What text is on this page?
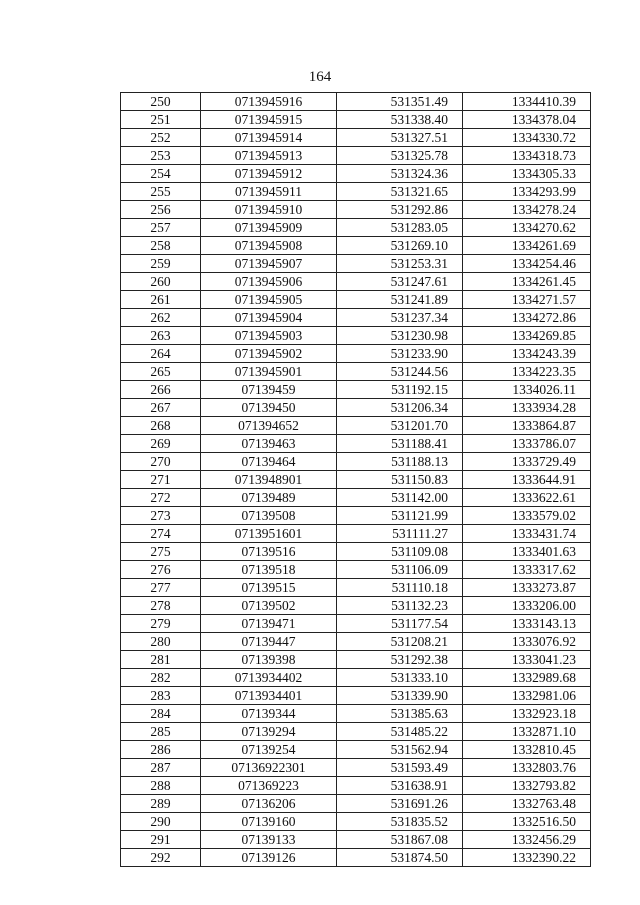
164
250	0713945916	531351.49	1334410.39
251	0713945915	531338.40	1334378.04
252	0713945914	531327.51	1334330.72
253	0713945913	531325.78	1334318.73
254	0713945912	531324.36	1334305.33
255	0713945911	531321.65	1334293.99
256	0713945910	531292.86	1334278.24
257	0713945909	531283.05	1334270.62
258	0713945908	531269.10	1334261.69
259	0713945907	531253.31	1334254.46
260	0713945906	531247.61	1334261.45
261	0713945905	531241.89	1334271.57
262	0713945904	531237.34	1334272.86
263	0713945903	531230.98	1334269.85
264	0713945902	531233.90	1334243.39
265	0713945901	531244.56	1334223.35
266	07139459	531192.15	1334026.11
267	07139450	531206.34	1333934.28
268	071394652	531201.70	1333864.87
269	07139463	531188.41	1333786.07
270	07139464	531188.13	1333729.49
271	0713948901	531150.83	1333644.91
272	07139489	531142.00	1333622.61
273	07139508	531121.99	1333579.02
274	0713951601	531111.27	1333431.74
275	07139516	531109.08	1333401.63
276	07139518	531106.09	1333317.62
277	07139515	531110.18	1333273.87
278	07139502	531132.23	1333206.00
279	07139471	531177.54	1333143.13
280	07139447	531208.21	1333076.92
281	07139398	531292.38	1333041.23
282	0713934402	531333.10	1332989.68
283	0713934401	531339.90	1332981.06
284	07139344	531385.63	1332923.18
285	07139294	531485.22	1332871.10
286	07139254	531562.94	1332810.45
287	07136922301	531593.49	1332803.76
288	071369223	531638.91	1332793.82
289	07136206	531691.26	1332763.48
290	07139160	531835.52	1332516.50
291	07139133	531867.08	1332456.29
292	07139126	531874.50	1332390.22
